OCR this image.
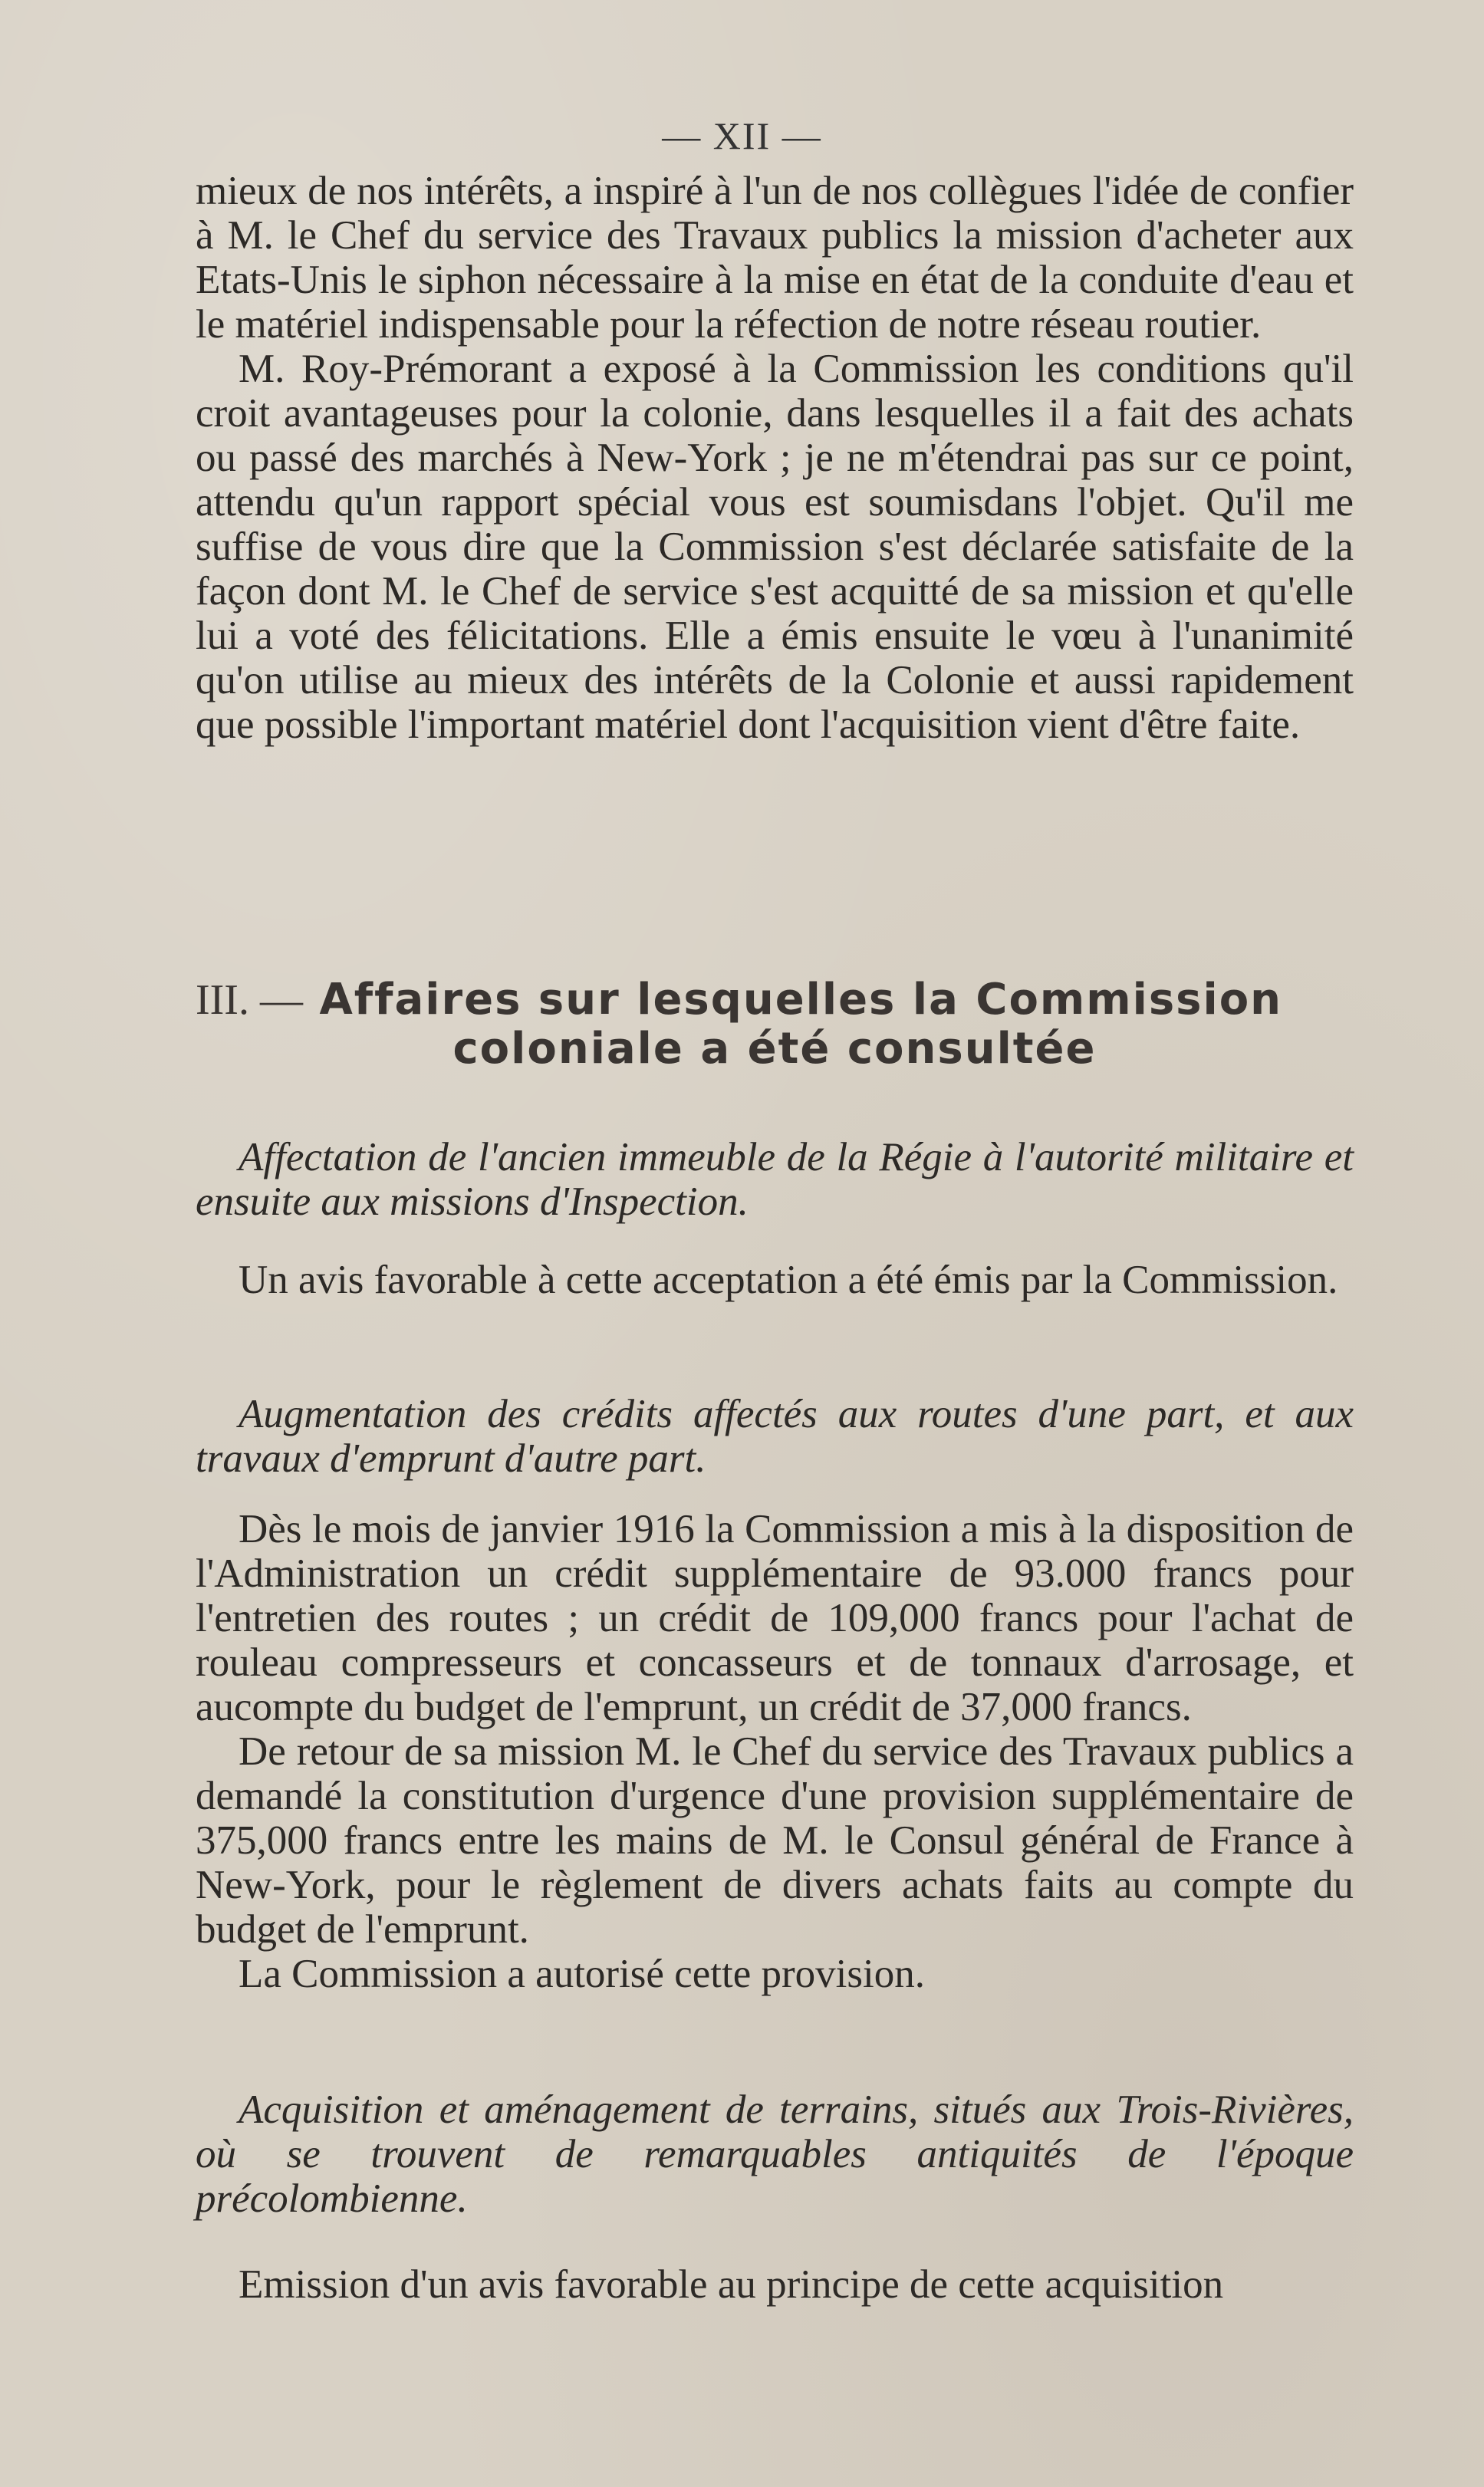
— XII —

mieux de nos intérêts, a inspiré à l'un de nos collègues l'idée de confier à M. le Chef du service des Travaux publics la mission d'acheter aux Etats-Unis le siphon nécessaire à la mise en état de la conduite d'eau et le matériel indispensable pour la réfection de notre réseau routier.

M. Roy-Prémorant a exposé à la Commission les conditions qu'il croit avantageuses pour la colonie, dans lesquelles il a fait des achats ou passé des marchés à New-York ; je ne m'étendrai pas sur ce point, attendu qu'un rapport spécial vous est soumisdans l'objet. Qu'il me suffise de vous dire que la Commission s'est déclarée satisfaite de la façon dont M. le Chef de service s'est acquitté de sa mission et qu'elle lui a voté des félicitations. Elle a émis ensuite le vœu à l'unanimité qu'on utilise au mieux des intérêts de la Colonie et aussi rapidement que possible l'important matériel dont l'acquisition vient d'être faite.

III. — Affaires sur lesquelles la Commission
coloniale a été consultée

Affectation de l'ancien immeuble de la Régie à l'autorité militaire et ensuite aux missions d'Inspection.

Un avis favorable à cette acceptation a été émis par la Commission.

Augmentation des crédits affectés aux routes d'une part, et aux travaux d'emprunt d'autre part.

Dès le mois de janvier 1916 la Commission a mis à la disposition de l'Administration un crédit supplémentaire de 93.000 francs pour l'entretien des routes ; un crédit de 109,000 francs pour l'achat de rouleau compresseurs et concasseurs et de tonnaux d'arrosage, et aucompte du budget de l'emprunt, un crédit de 37,000 francs.

De retour de sa mission M. le Chef du service des Travaux publics a demandé la constitution d'urgence d'une provision supplémentaire de 375,000 francs entre les mains de M. le Consul général de France à New-York, pour le règlement de divers achats faits au compte du budget de l'emprunt.

La Commission a autorisé cette provision.

Acquisition et aménagement de terrains, situés aux Trois-Rivières, où se trouvent de remarquables antiquités de l'époque précolombienne.

Emission d'un avis favorable au principe de cette acquisition
